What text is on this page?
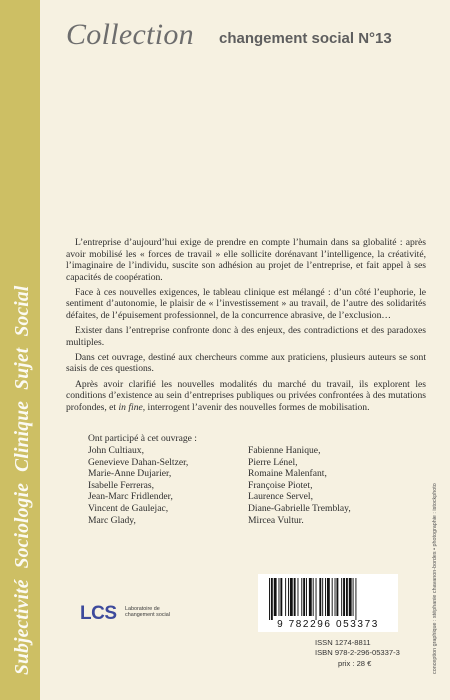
Collection changement social N°13
Subjectivité Sociologie Clinique Sujet Social

L’entreprise d’aujourd’hui exige de prendre en compte l’humain dans sa globalité : après avoir mobilisé les « forces de travail » elle sollicite dorénavant l’intelligence, la créativité, l’imaginaire de l’individu, suscite son adhésion au projet de l’entreprise, et fait appel à ses capacités de coopération.

Face à ces nouvelles exigences, le tableau clinique est mélangé : d’un côté l’euphorie, le sentiment d’autonomie, le plaisir de « l’investissement » au travail, de l’autre des solidarités défaites, de l’épuisement professionnel, de la concurrence abrasive, de l’exclusion…

Exister dans l’entreprise confronte donc à des enjeux, des contradictions et des paradoxes multiples.

Dans cet ouvrage, destiné aux chercheurs comme aux praticiens, plusieurs auteurs se sont saisis de ces questions.

Après avoir clarifié les nouvelles modalités du marché du travail, ils explorent les conditions d’existence au sein d’entreprises publiques ou privées confrontées à des mutations profondes, et in fine, interrogent l’avenir des nouvelles formes de mobilisation.

Ont participé à cet ouvrage :
John Cultiaux,
Genevieve Dahan-Seltzer,
Marie-Anne Dujarier,
Isabelle Ferreras,
Jean-Marc Fridlender,
Vincent de Gaulejac,
Marc Glady,
Fabienne Hanique,
Pierre Lénel,
Romaine Malenfant,
Françoise Piotet,
Laurence Servel,
Diane-Gabrielle Tremblay,
Mircea Vultur.
LCS Laboratoire de changement social
9 782296 053373
ISSN 1274-8811
ISBN 978-2-296-05337-3
prix : 28 €	conception graphique : stéphanie chavanon-bordes • photographie : istockphoto
